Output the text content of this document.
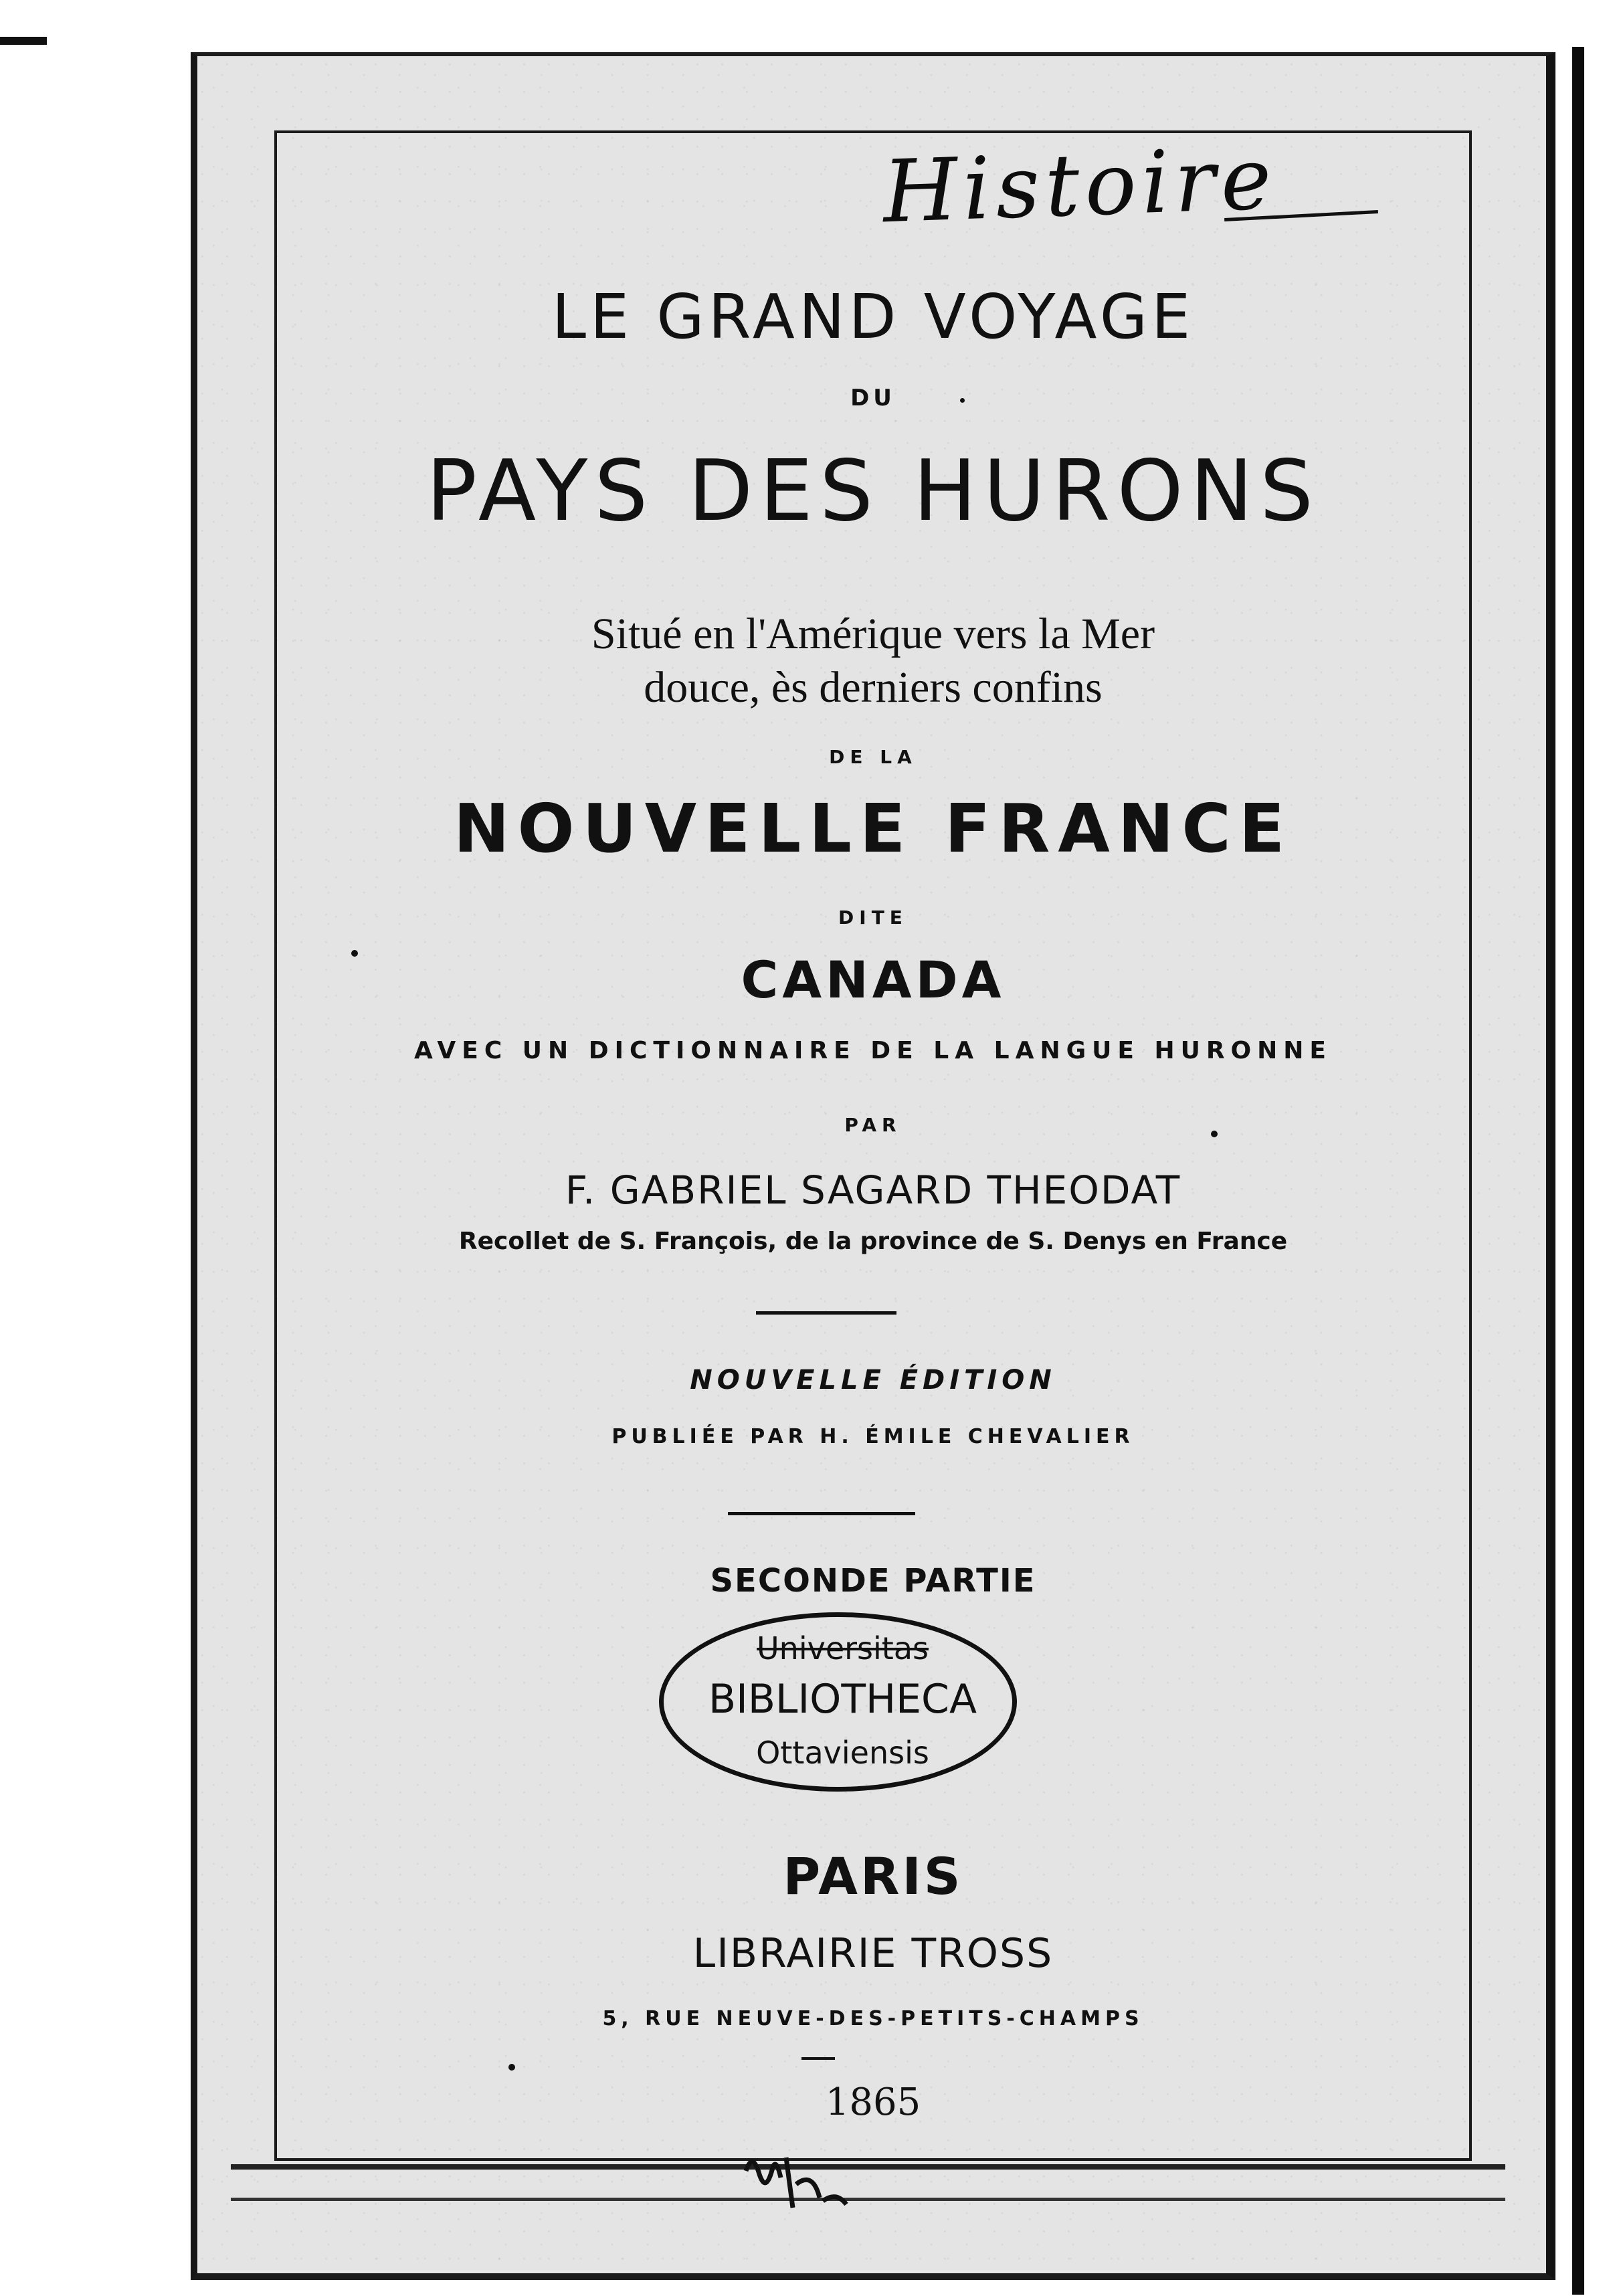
Histoire
LE GRAND VOYAGE
DU
PAYS DES HURONS
Situé en l'Amérique vers la Mer
douce, ès derniers confins
DE LA
NOUVELLE FRANCE
DITE
CANADA
AVEC UN DICTIONNAIRE DE LA LANGUE HURONNE
PAR
F. GABRIEL SAGARD THEODAT
Recollet de S. François, de la province de S. Denys en France
NOUVELLE ÉDITION
PUBLIÉE PAR H. ÉMILE CHEVALIER
SECONDE PARTIE
Universitas
BIBLIOTHECA
Ottaviensis
PARIS
LIBRAIRIE TROSS
5, RUE NEUVE-DES-PETITS-CHAMPS
1865
